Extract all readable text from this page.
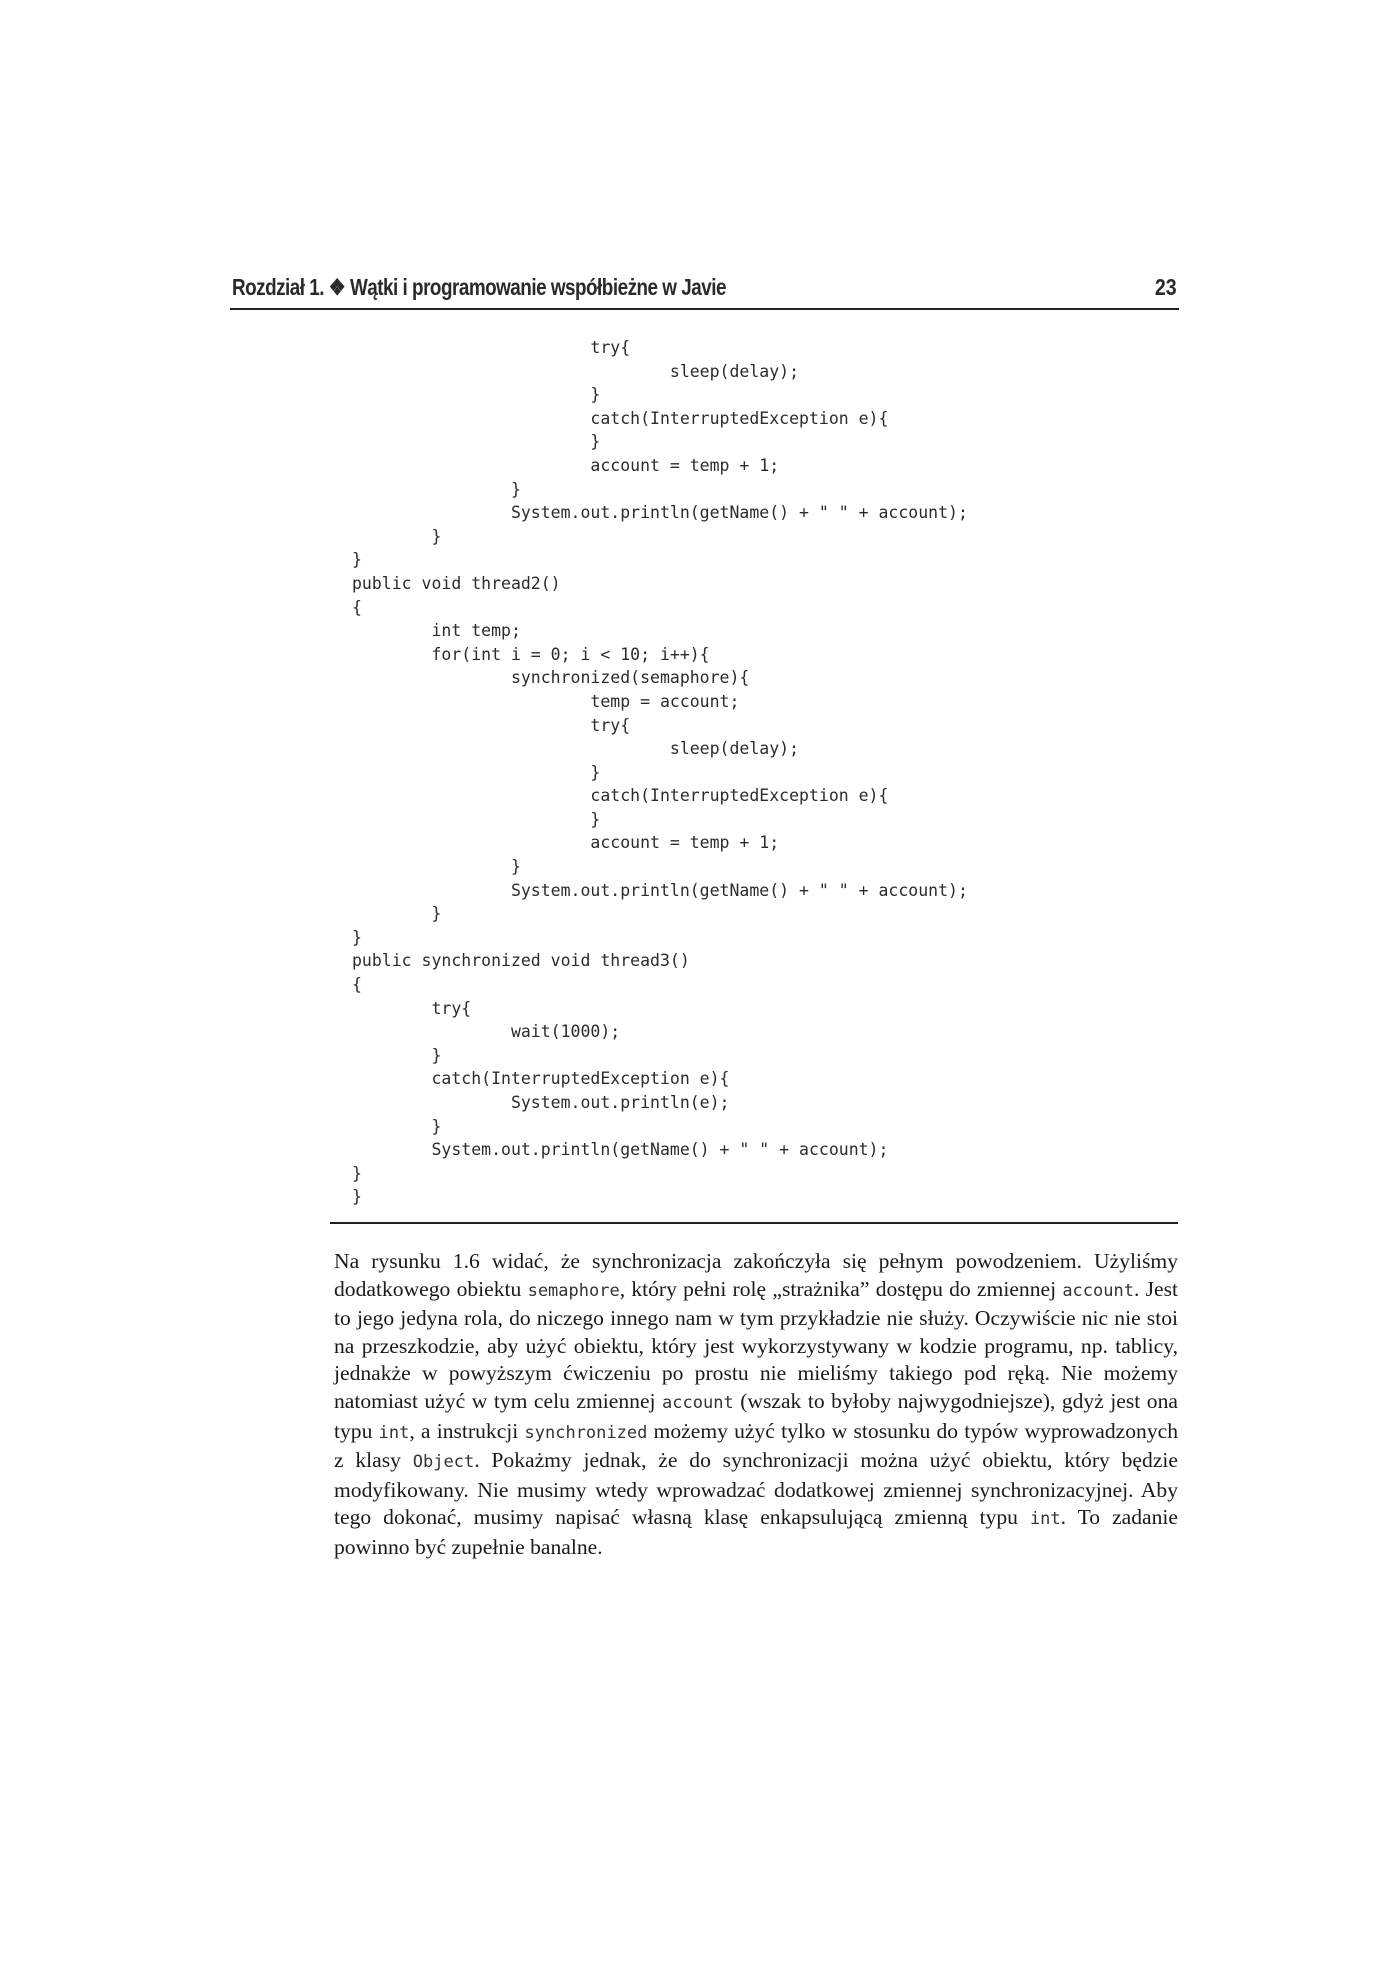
Rozdział 1. ❖ Wątki i programowanie współbieżne w Javie	23
try{
sleep(delay);
}
catch(InterruptedException e){
}
account = temp + 1;
}
System.out.println(getName() + " " + account);
}
}
public void thread2()
{
int temp;
for(int i = 0; i < 10; i++){
synchronized(semaphore){
temp = account;
try{
sleep(delay);
}
catch(InterruptedException e){
}
account = temp + 1;
}
System.out.println(getName() + " " + account);
}
}
public synchronized void thread3()
{
try{
wait(1000);
}
catch(InterruptedException e){
System.out.println(e);
}
System.out.println(getName() + " " + account);
}
}

Na rysunku 1.6 widać, że synchronizacja zakończyła się pełnym powodzeniem. Użyliśmy dodatkowego obiektu semaphore, który pełni rolę „strażnika” dostępu do zmiennej account. Jest to jego jedyna rola, do niczego innego nam w tym przykładzie nie służy. Oczywiście nic nie stoi na przeszkodzie, aby użyć obiektu, który jest wykorzystywany w kodzie programu, np. tablicy, jednakże w powyższym ćwiczeniu po prostu nie mieliśmy takiego pod ręką. Nie możemy natomiast użyć w tym celu zmiennej account (wszak to byłoby najwygodniejsze), gdyż jest ona typu int, a instrukcji synchronized możemy użyć tylko w stosunku do typów wyprowadzonych z klasy Object. Pokażmy jednak, że do synchronizacji można użyć obiektu, który będzie modyfikowany. Nie musimy wtedy wprowadzać dodatkowej zmiennej synchronizacyjnej. Aby tego dokonać, musimy napisać własną klasę enkapsulującą zmienną typu int. To zadanie powinno być zupełnie banalne.
